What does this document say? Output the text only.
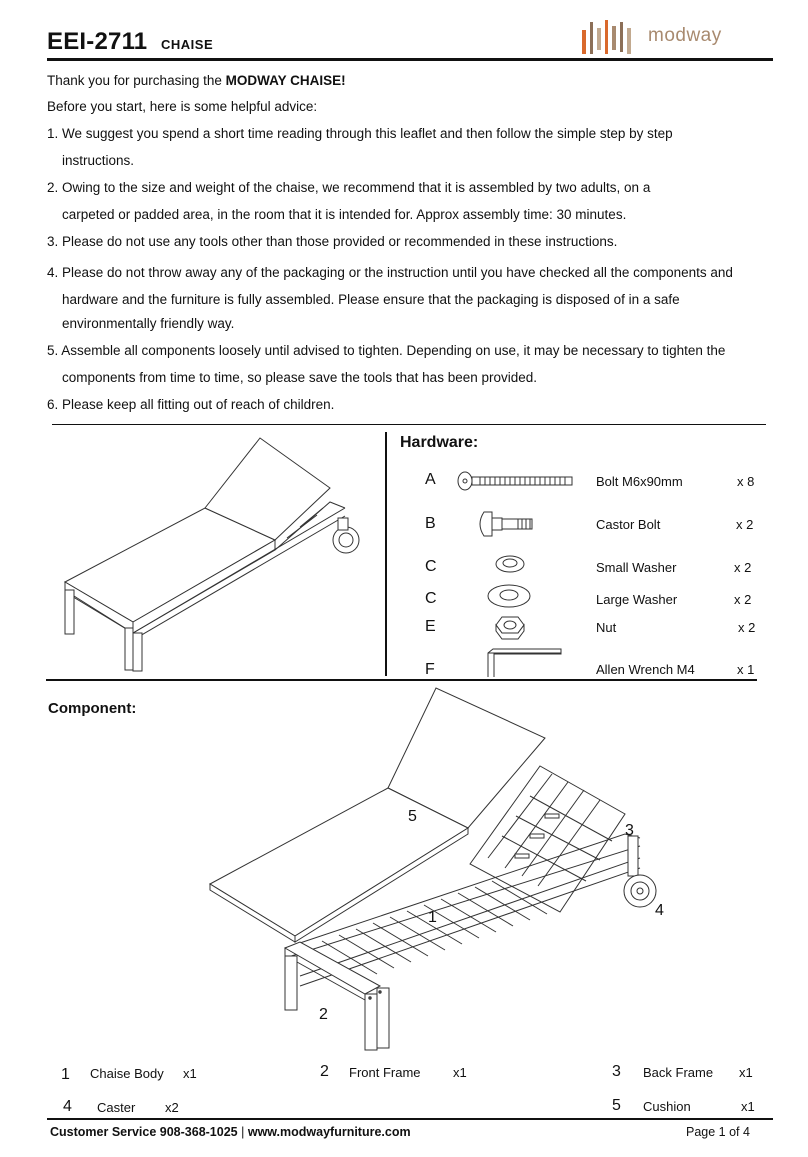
EEI-2711 CHAISE	modway
Thank you for purchasing the MODWAY CHAISE!
Before you start, here is some helpful advice:
1. We suggest you spend a short time reading through this leaflet and then follow the simple step by step
instructions.
2. Owing to the size and weight of the chaise, we recommend that it is assembled by two adults, on a
carpeted or padded area, in the room that it is intended for. Approx assembly time: 30 minutes.
3. Please do not use any tools other than those provided or recommended in these instructions.
4. Please do not throw away any of the packaging or the instruction until you have checked all the components and
hardware and the furniture is fully assembled. Please ensure that the packaging is disposed of in a safe
environmentally friendly way.
5. Assemble all components loosely until advised to tighten. Depending on use, it may be necessary to tighten the
components from time to time, so please save the tools that has been provided.
6. Please keep all fitting out of reach of children.
Hardware:
A	Bolt M6x90mm	x 8
B	Castor Bolt	x 2
C	Small Washer	x 2
C	Large Washer	x 2
E	Nut	x 2
F	Allen Wrench M4	x 1
Component:
5
3
1	4
2
1 Chaise Body x1	2 Front Frame x1	3 Back Frame x1
4 Caster x2	5 Cushion	x1
Customer Service 908-368-1025 | www.modwayfurniture.com	Page 1 of 4
